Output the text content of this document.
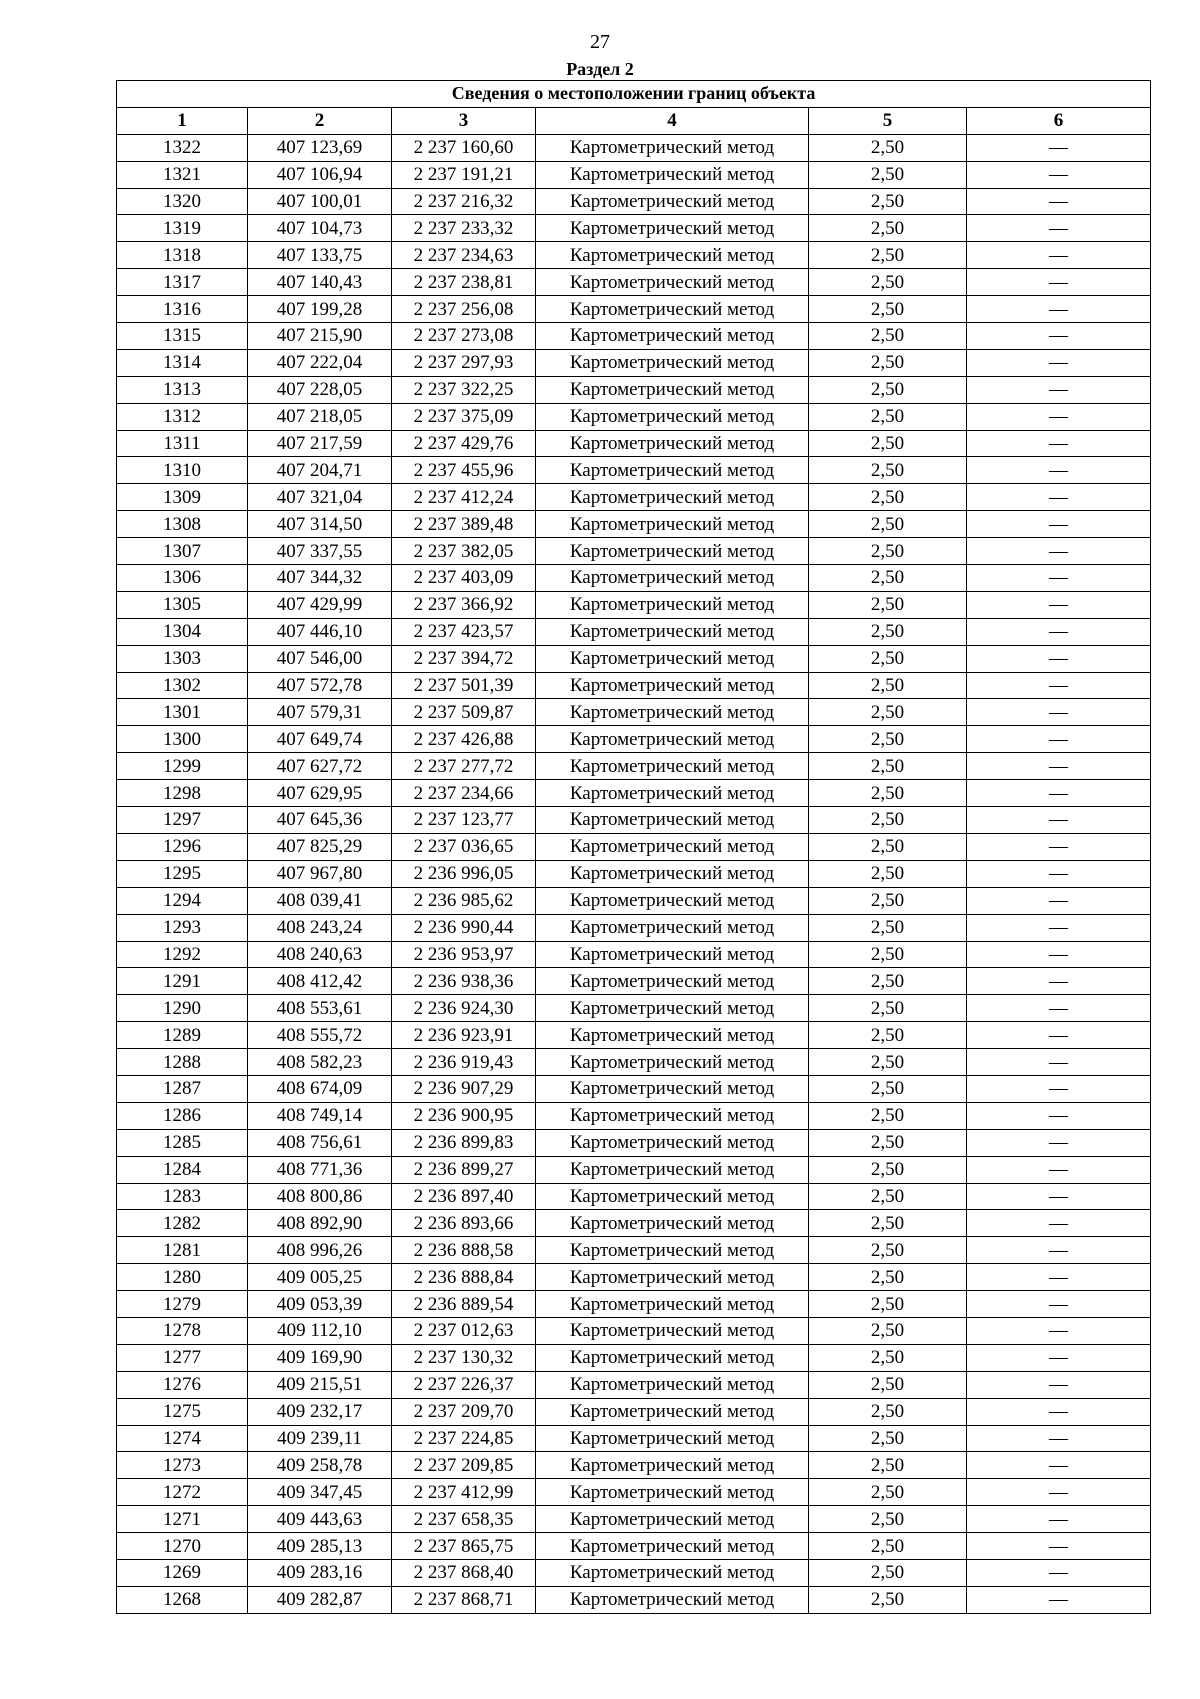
27
Раздел 2
Сведения о местоположении границ объекта					
1	2	3	4	5	6
1322	407 123,69	2 237 160,60	Картометрический метод	2,50	—
1321	407 106,94	2 237 191,21	Картометрический метод	2,50	—
1320	407 100,01	2 237 216,32	Картометрический метод	2,50	—
1319	407 104,73	2 237 233,32	Картометрический метод	2,50	—
1318	407 133,75	2 237 234,63	Картометрический метод	2,50	—
1317	407 140,43	2 237 238,81	Картометрический метод	2,50	—
1316	407 199,28	2 237 256,08	Картометрический метод	2,50	—
1315	407 215,90	2 237 273,08	Картометрический метод	2,50	—
1314	407 222,04	2 237 297,93	Картометрический метод	2,50	—
1313	407 228,05	2 237 322,25	Картометрический метод	2,50	—
1312	407 218,05	2 237 375,09	Картометрический метод	2,50	—
1311	407 217,59	2 237 429,76	Картометрический метод	2,50	—
1310	407 204,71	2 237 455,96	Картометрический метод	2,50	—
1309	407 321,04	2 237 412,24	Картометрический метод	2,50	—
1308	407 314,50	2 237 389,48	Картометрический метод	2,50	—
1307	407 337,55	2 237 382,05	Картометрический метод	2,50	—
1306	407 344,32	2 237 403,09	Картометрический метод	2,50	—
1305	407 429,99	2 237 366,92	Картометрический метод	2,50	—
1304	407 446,10	2 237 423,57	Картометрический метод	2,50	—
1303	407 546,00	2 237 394,72	Картометрический метод	2,50	—
1302	407 572,78	2 237 501,39	Картометрический метод	2,50	—
1301	407 579,31	2 237 509,87	Картометрический метод	2,50	—
1300	407 649,74	2 237 426,88	Картометрический метод	2,50	—
1299	407 627,72	2 237 277,72	Картометрический метод	2,50	—
1298	407 629,95	2 237 234,66	Картометрический метод	2,50	—
1297	407 645,36	2 237 123,77	Картометрический метод	2,50	—
1296	407 825,29	2 237 036,65	Картометрический метод	2,50	—
1295	407 967,80	2 236 996,05	Картометрический метод	2,50	—
1294	408 039,41	2 236 985,62	Картометрический метод	2,50	—
1293	408 243,24	2 236 990,44	Картометрический метод	2,50	—
1292	408 240,63	2 236 953,97	Картометрический метод	2,50	—
1291	408 412,42	2 236 938,36	Картометрический метод	2,50	—
1290	408 553,61	2 236 924,30	Картометрический метод	2,50	—
1289	408 555,72	2 236 923,91	Картометрический метод	2,50	—
1288	408 582,23	2 236 919,43	Картометрический метод	2,50	—
1287	408 674,09	2 236 907,29	Картометрический метод	2,50	—
1286	408 749,14	2 236 900,95	Картометрический метод	2,50	—
1285	408 756,61	2 236 899,83	Картометрический метод	2,50	—
1284	408 771,36	2 236 899,27	Картометрический метод	2,50	—
1283	408 800,86	2 236 897,40	Картометрический метод	2,50	—
1282	408 892,90	2 236 893,66	Картометрический метод	2,50	—
1281	408 996,26	2 236 888,58	Картометрический метод	2,50	—
1280	409 005,25	2 236 888,84	Картометрический метод	2,50	—
1279	409 053,39	2 236 889,54	Картометрический метод	2,50	—
1278	409 112,10	2 237 012,63	Картометрический метод	2,50	—
1277	409 169,90	2 237 130,32	Картометрический метод	2,50	—
1276	409 215,51	2 237 226,37	Картометрический метод	2,50	—
1275	409 232,17	2 237 209,70	Картометрический метод	2,50	—
1274	409 239,11	2 237 224,85	Картометрический метод	2,50	—
1273	409 258,78	2 237 209,85	Картометрический метод	2,50	—
1272	409 347,45	2 237 412,99	Картометрический метод	2,50	—
1271	409 443,63	2 237 658,35	Картометрический метод	2,50	—
1270	409 285,13	2 237 865,75	Картометрический метод	2,50	—
1269	409 283,16	2 237 868,40	Картометрический метод	2,50	—
1268	409 282,87	2 237 868,71	Картометрический метод	2,50	—
